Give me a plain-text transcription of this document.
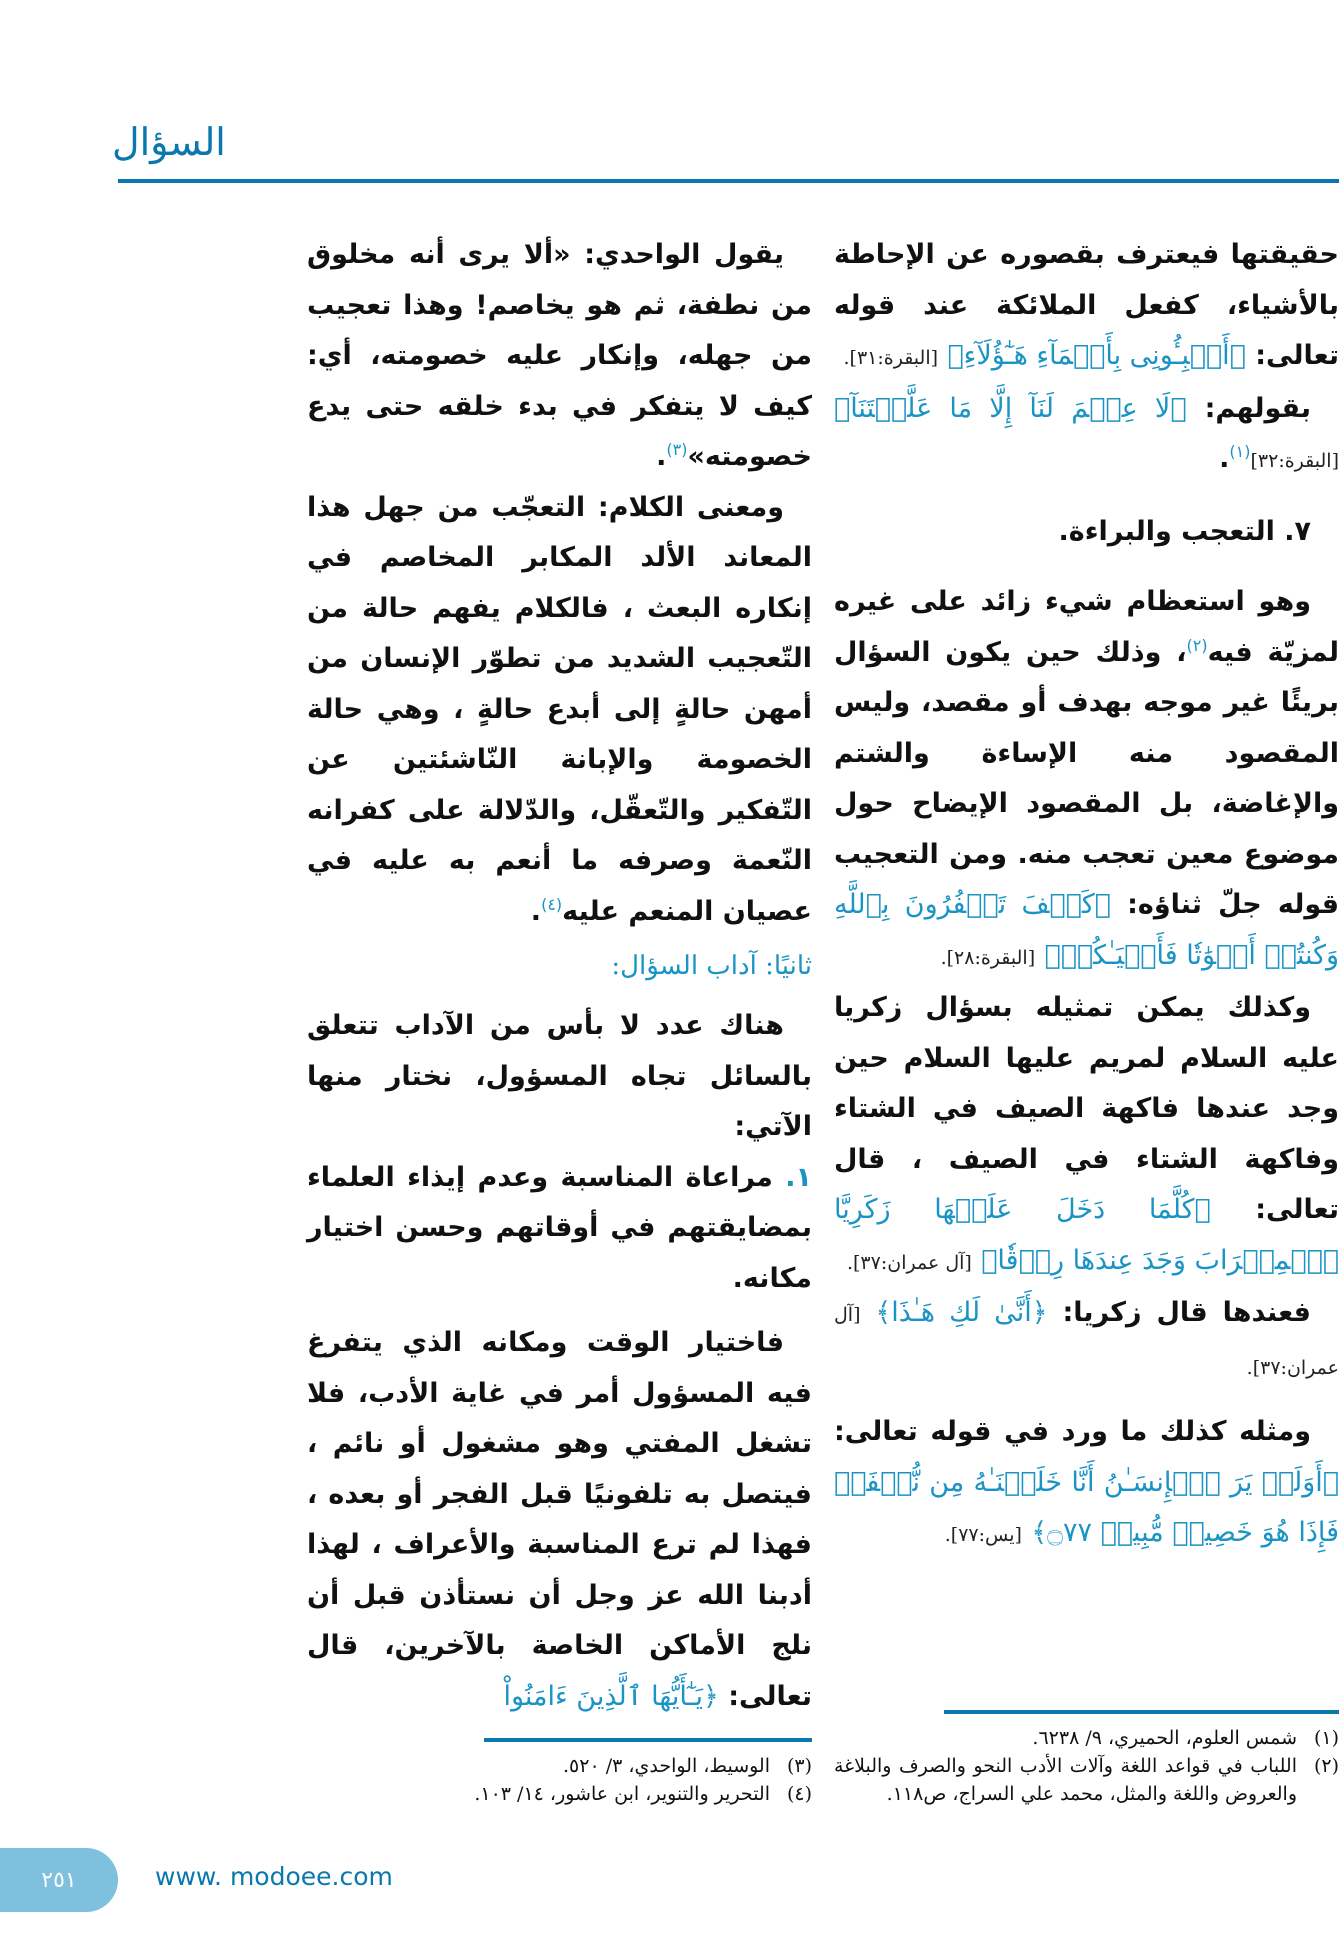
السؤال

حقيقتها فيعترف بقصوره عن الإحاطة بالأشياء، كفعل الملائكة عند قوله تعالى: ﴿أَنۢبِـُٔونِى بِأَسۡمَآءِ هَـٰٓؤُلَآءِ﴾ [البقرة:٣١].

بقولهم: ﴿لَا عِلۡمَ لَنَآ إِلَّا مَا عَلَّمۡتَنَآ﴾ [البقرة:٣٢]$^{(١)}$.

٧. التعجب والبراءة.

وهو استعظام شيء زائد على غيره لمزيّة فيه$^{(٢)}$، وذلك حين يكون السؤال بريئًا غير موجه بهدف أو مقصد، وليس المقصود منه الإساءة والشتم والإغاضة، بل المقصود الإيضاح حول موضوع معين تعجب منه. ومن التعجيب قوله جلّ ثناؤه: ﴿كَيۡفَ تَكۡفُرُونَ بِٱللَّهِ وَكُنتُمۡ أَمۡوَٰتٗا فَأَحۡيَـٰكُمۡ﴾ [البقرة:٢٨].

وكذلك يمكن تمثيله بسؤال زكريا عليه السلام لمريم عليها السلام حين وجد عندها فاكهة الصيف في الشتاء وفاكهة الشتاء في الصيف ، قال تعالى: ﴿كُلَّمَا دَخَلَ عَلَيۡهَا زَكَرِيَّا ٱلۡمِحۡرَابَ وَجَدَ عِندَهَا رِزۡقٗا﴾ [آل عمران:٣٧].

فعندها قال زكريا: ﴿أَنَّىٰ لَكِ هَـٰذَا﴾ [آل عمران:٣٧].

ومثله كذلك ما ورد في قوله تعالى: ﴿أَوَلَمۡ يَرَ ٱلۡإِنسَـٰنُ أَنَّا خَلَقۡنَـٰهُ مِن نُّطۡفَةٖ فَإِذَا هُوَ خَصِيمٞ مُّبِينٞ ۝٧٧﴾ [يس:٧٧].

(١)شمس العلوم، الحميري، ٩/ ٦٢٣٨.

(٢)اللباب في قواعد اللغة وآلات الأدب النحو والصرف والبلاغة والعروض واللغة والمثل، محمد علي السراج، ص١١٨.

يقول الواحدي: «ألا يرى أنه مخلوق من نطفة، ثم هو يخاصم! وهذا تعجيب من جهله، وإنكار عليه خصومته، أي: كيف لا يتفكر في بدء خلقه حتى يدع خصومته»$^{(٣)}$.

ومعنى الكلام: التعجّب من جهل هذا المعاند الألد المكابر المخاصم في إنكاره البعث ، فالكلام يفهم حالة من التّعجيب الشديد من تطوّر الإنسان من أمهن حالةٍ إلى أبدع حالةٍ ، وهي حالة الخصومة والإبانة النّاشئتين عن التّفكير والتّعقّل، والدّلالة على كفرانه النّعمة وصرفه ما أنعم به عليه في عصيان المنعم عليه$^{(٤)}$.

ثانيًا: آداب السؤال:

هناك عدد لا بأس من الآداب تتعلق بالسائل تجاه المسؤول، نختار منها الآتي:

١. مراعاة المناسبة وعدم إيذاء العلماء بمضايقتهم في أوقاتهم وحسن اختيار مكانه.

فاختيار الوقت ومكانه الذي يتفرغ فيه المسؤول أمر في غاية الأدب، فلا تشغل المفتي وهو مشغول أو نائم ، فيتصل به تلفونيًا قبل الفجر أو بعده ، فهذا لم ترع المناسبة والأعراف ، لهذا أدبنا الله عز وجل أن نستأذن قبل أن نلج الأماكن الخاصة بالآخرين، قال تعالى: ﴿يَـٰٓأَيُّهَا ٱلَّذِينَ ءَامَنُواْ

(٣)الوسيط، الواحدي، ٣/ ٥٢٠.

(٤)التحرير والتنوير، ابن عاشور، ١٤/ ١٠٣.

٢٥١	www. modoee.com
